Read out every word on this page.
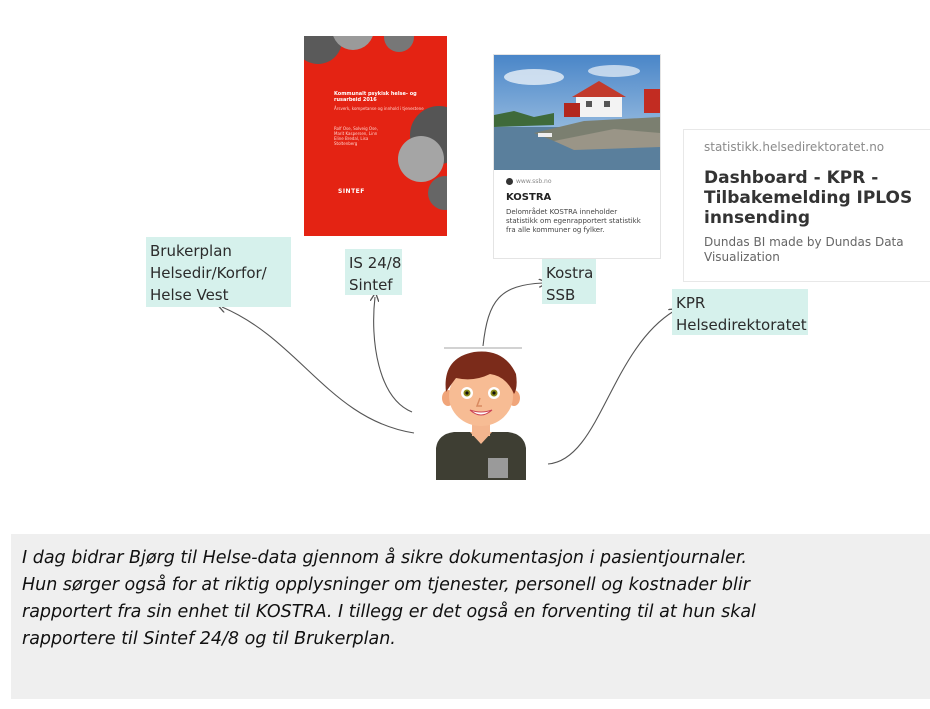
Brukerplan
Helsedir/Korfor/
Helse Vest
IS 24/8
Sintef
Kostra
SSB	KPR
Helsedirektoratet
Kommunalt psykisk helse- og rusarbeid 2016
Årsverk, kompetanse og innhold i tjenestene
Rolf Ose, Solveig Ose, Marit Kaspersen, Linn Eline Bredal, Lisa Stoltenberg
SINTEF
www.ssb.no
KOSTRA
Delområdet KOSTRA inneholder statistikk om egenrapportert statistikk fra alle kommuner og fylker.
statistikk.helsedirektoratet.no
Dashboard - KPR - Tilbakemelding IPLOS innsending
Dundas BI made by Dundas Data Visualization

I dag bidrar Bjørg til Helse-data gjennom å sikre dokumentasjon i pasientjournaler.

Hun sørger også for at riktig opplysninger om tjenester, personell og kostnader blir

rapportert fra sin enhet til KOSTRA. I tillegg er det også en forventing til at hun skal

rapportere til Sintef 24/8 og til Brukerplan.
